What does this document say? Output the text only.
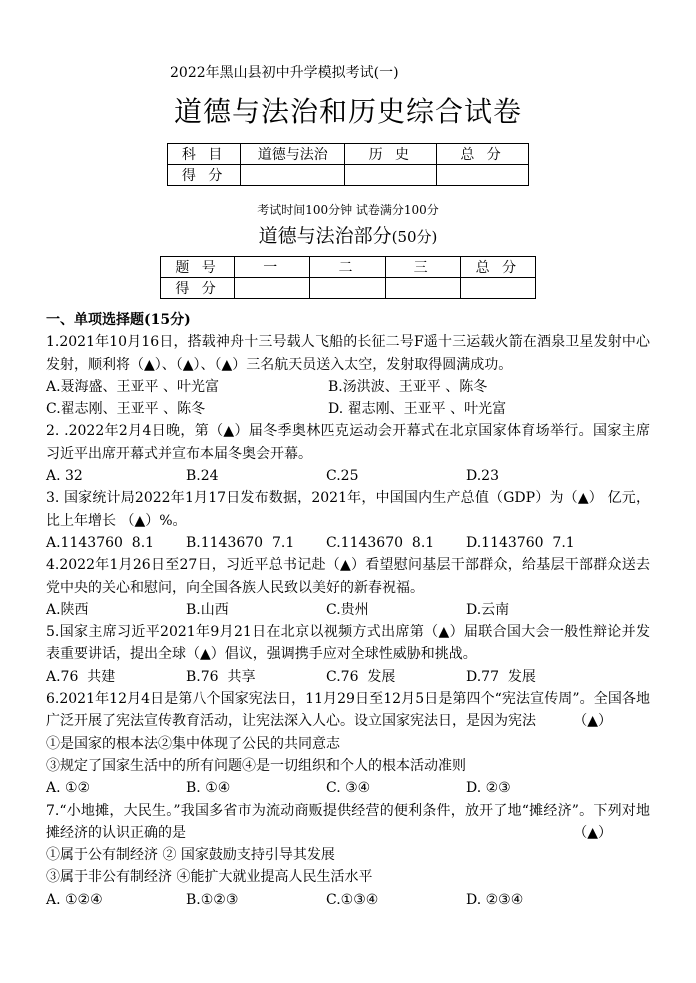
2022年黑山县初中升学模拟考试(一)
道德与法治和历史综合试卷
科 目	道德与法治	历 史	总 分
得 分			
考试时间100分钟 试卷满分100分
道德与法治部分(50分)
题 号	一	二	三	总 分
得 分				

一、单项选择题(15分)

1.2021年10月16日，搭载神舟十三号载人飞船的长征二号F遥十三运载火箭在酒泉卫星发射中心发射，顺利将（▲）、（▲）、（▲）三名航天员送入太空，发射取得圆满成功。

A.聂海盛、王亚平 、叶光富	B.汤洪波、王亚平 、陈冬
C.翟志刚、王亚平 、陈冬	D. 翟志刚、王亚平 、叶光富

2. .2022年2月4日晚，第（▲）届冬季奥林匹克运动会开幕式在北京国家体育场举行。国家主席习近平出席开幕式并宣布本届冬奥会开幕。

A. 32	B.24	C.25	D.23

3. 国家统计局2022年1月17日发布数据，2021年，中国国内生产总值（GDP）为（▲） 亿元，比上年增长 （▲）%。

A.1143760  8.1	B.1143670  7.1	C.1143670  8.1	D.1143760  7.1

4.2022年1月26日至27日，习近平总书记赴（▲）看望慰问基层干部群众，给基层干部群众送去党中央的关心和慰问，向全国各族人民致以美好的新春祝福。

A.陕西	B.山西	C.贵州	D.云南

5.国家主席习近平2021年9月21日在北京以视频方式出席第（▲）届联合国大会一般性辩论并发表重要讲话，提出全球（▲）倡议，强调携手应对全球性威胁和挑战。

A.76  共建	B.76  共享	C.76  发展	D.77  发展

6.2021年12月4日是第八个国家宪法日，11月29日至12月5日是第四个“宪法宣传周”。全国各地广泛开展了宪法宣传教育活动，让宪法深入人心。设立国家宪法日，是因为宪法	（▲）

①是国家的根本法②集中体现了公民的共同意志

③规定了国家生活中的所有问题④是一切组织和个人的根本活动准则

A. ①②	B. ①④	C. ③④	D. ②③

7.“小地摊，大民生。”我国多省市为流动商贩提供经营的便利条件，放开了地“摊经济”。下列对地摊经济的认识正确的是	（▲）

①属于公有制经济 ② 国家鼓励支持引导其发展

③属于非公有制经济 ④能扩大就业提高人民生活水平

A. ①②④	B.①②③	C.①③④	D. ②③④
